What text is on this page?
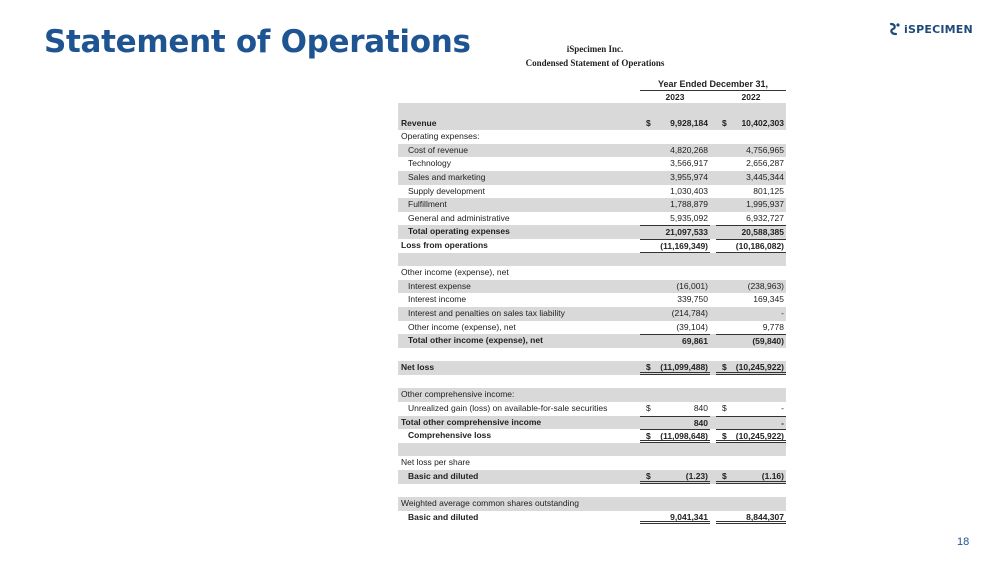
Statement of Operations	iSPECIMEN
iSpecimen Inc.
Condensed Statement of Operations
Year Ended December 31,
2023	2022
Revenue	$ 9,928,184 $ 10,402,303
Operating expenses:
Cost of revenue	4,820,268	4,756,965
Technology	3,566,917	2,656,287
Sales and marketing	3,955,974	3,445,344
Supply development	1,030,403	801,125
Fulfillment	1,788,879	1,995,937
General and administrative	5,935,092	6,932,727
Total operating expenses	21,097,533	20,588,385
Loss from operations	(11,169,349)	(10,186,082)
Other income (expense), net
Interest expense	(16,001)	(238,963)
Interest income	339,750	169,345
Interest and penalties on sales tax liability	(214,784)	-
Other income (expense), net	(39,104)	9,778
Total other income (expense), net	69,861	(59,840)
Net loss	$ (11,099,488) $ (10,245,922)
Other comprehensive income:
Unrealized gain (loss) on available-for-sale securities	$	840 $	-
Total other comprehensive income	840	-
Comprehensive loss	$ (11,098,648) $ (10,245,922)
Net loss per share
Basic and diluted	$	(1.23) $	(1.16)
Weighted average common shares outstanding
Basic and diluted	9,041,341	8,844,307
18
